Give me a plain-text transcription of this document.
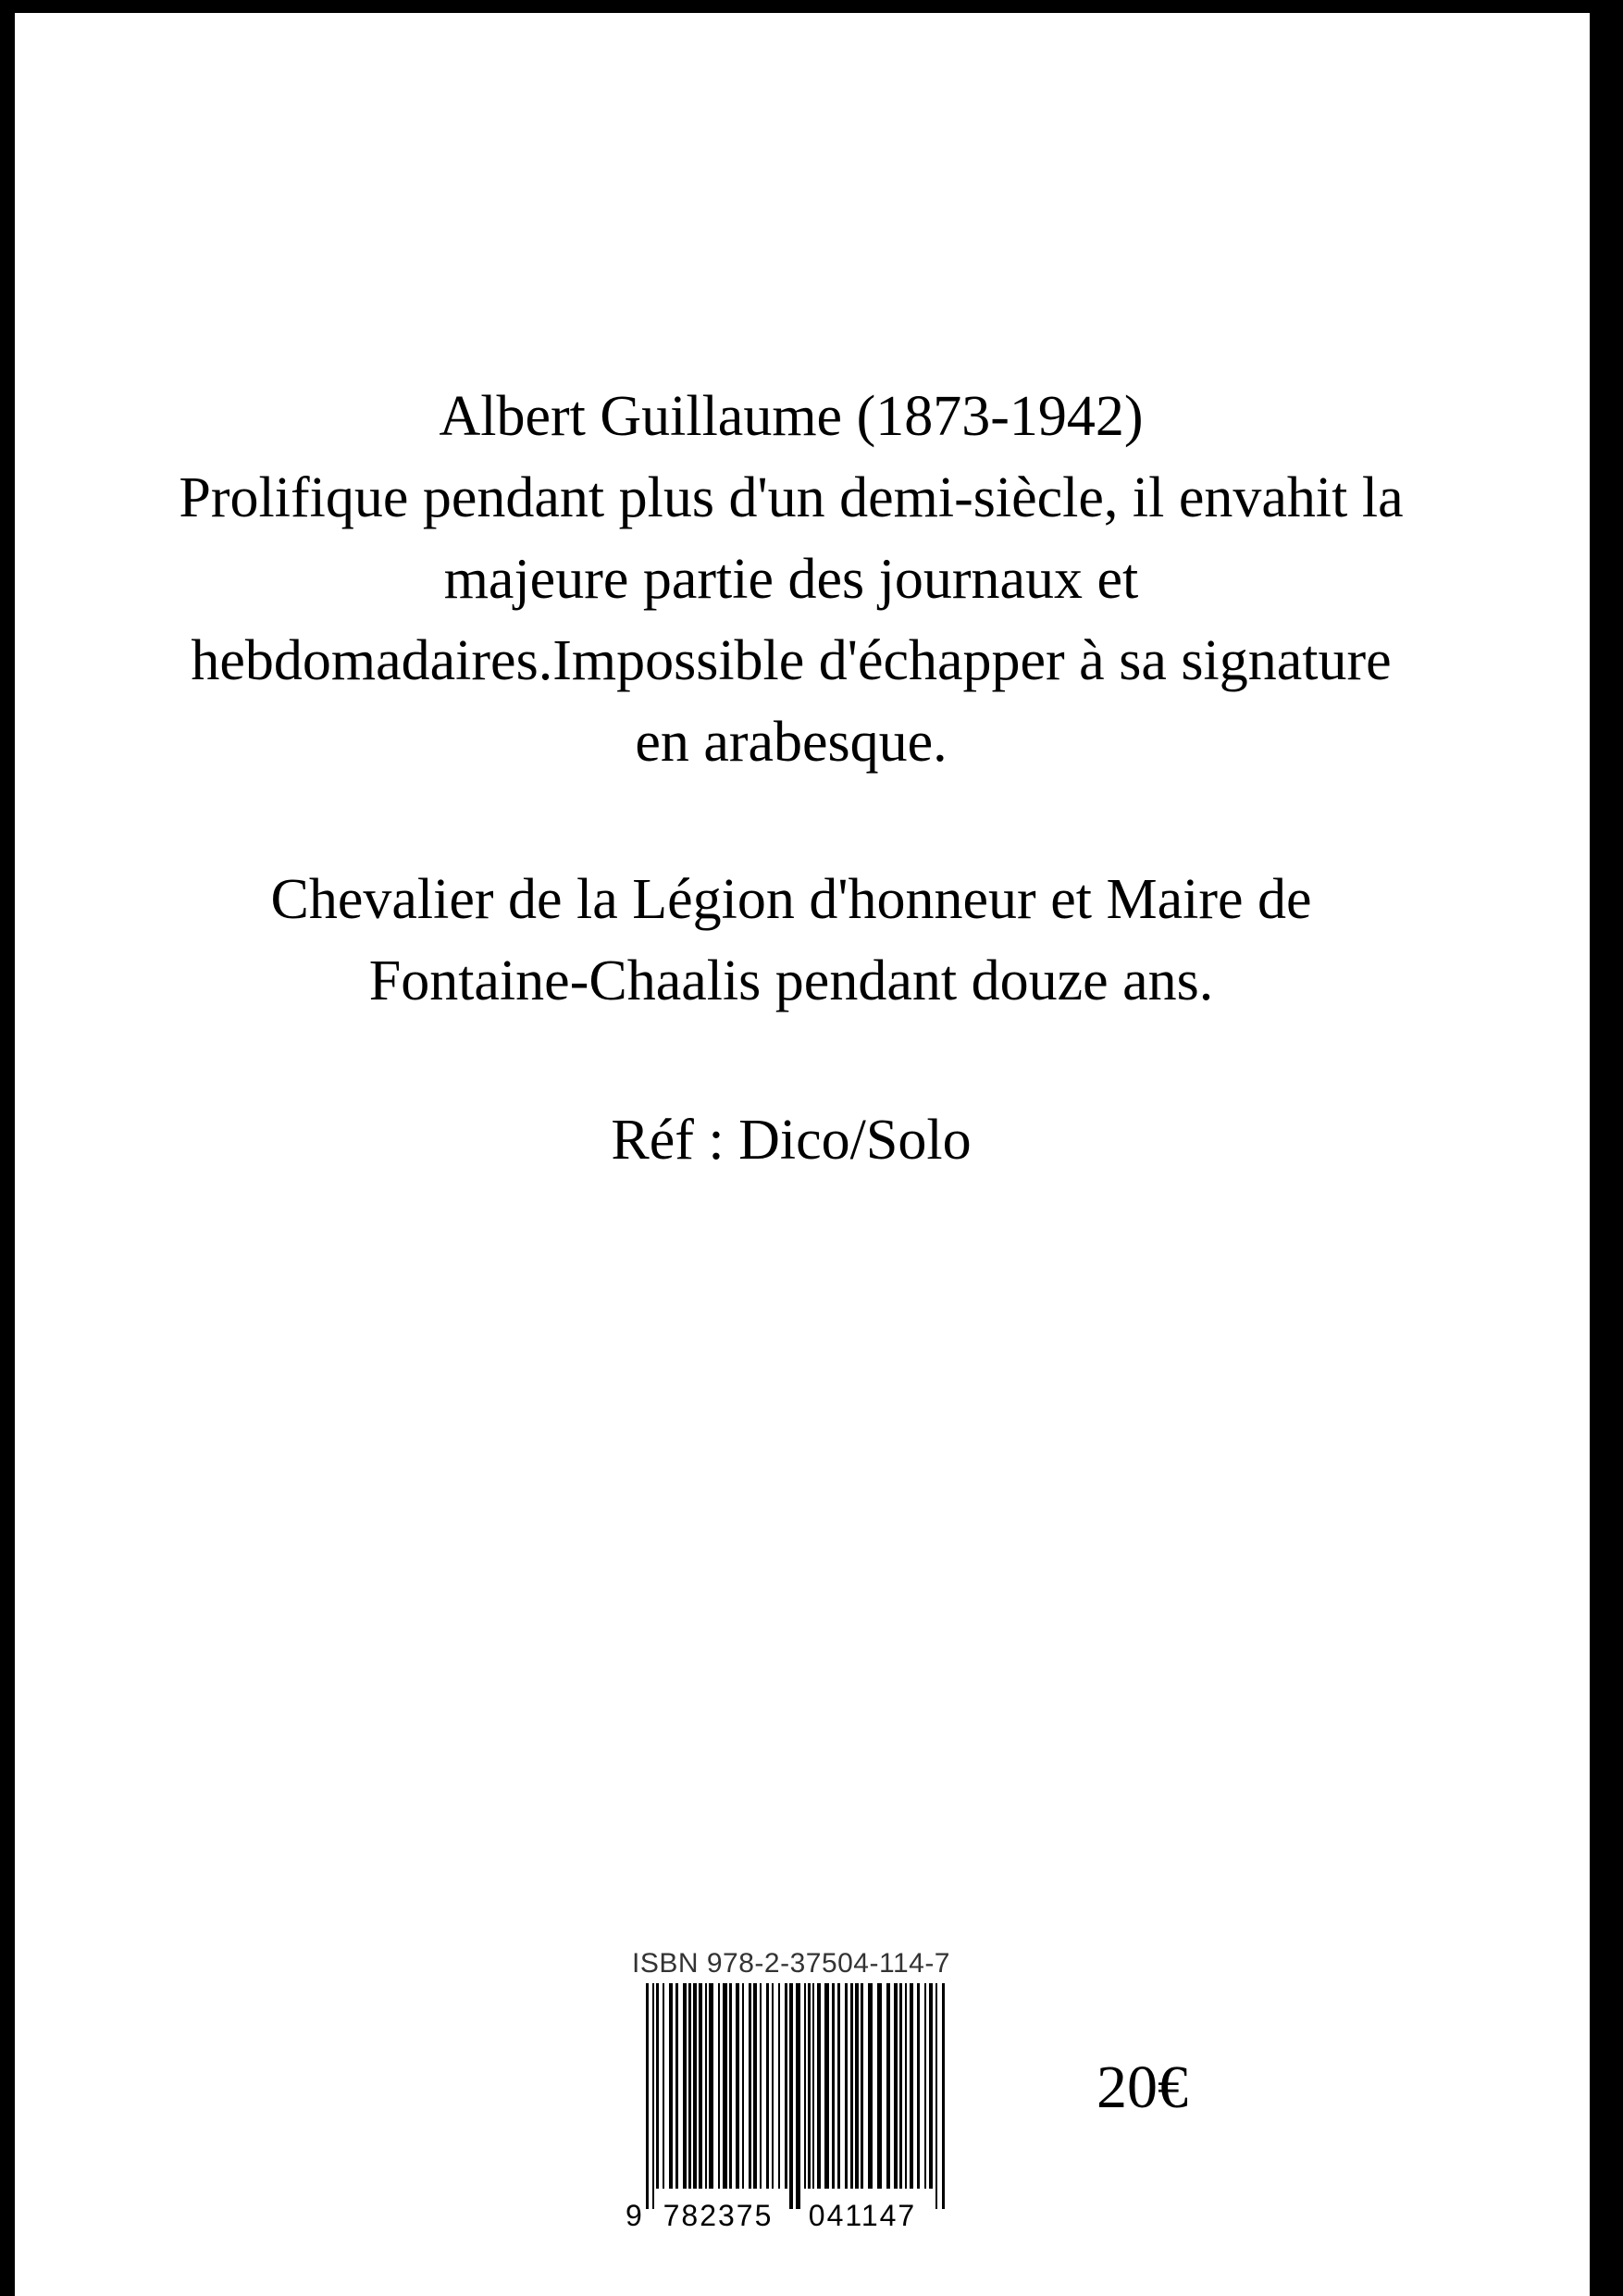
Albert Guillaume (1873-1942)

Prolifique pendant plus d'un demi-siècle, il envahit la

majeure partie des journaux et

hebdomadaires.Impossible d'échapper à sa signature

en arabesque.

Chevalier de la Légion d'honneur et Maire de

Fontaine-Chaalis pendant douze ans.

Réf : Dico/Solo

ISBN 978-2-37504-114-7
9 782375 041147
20€
